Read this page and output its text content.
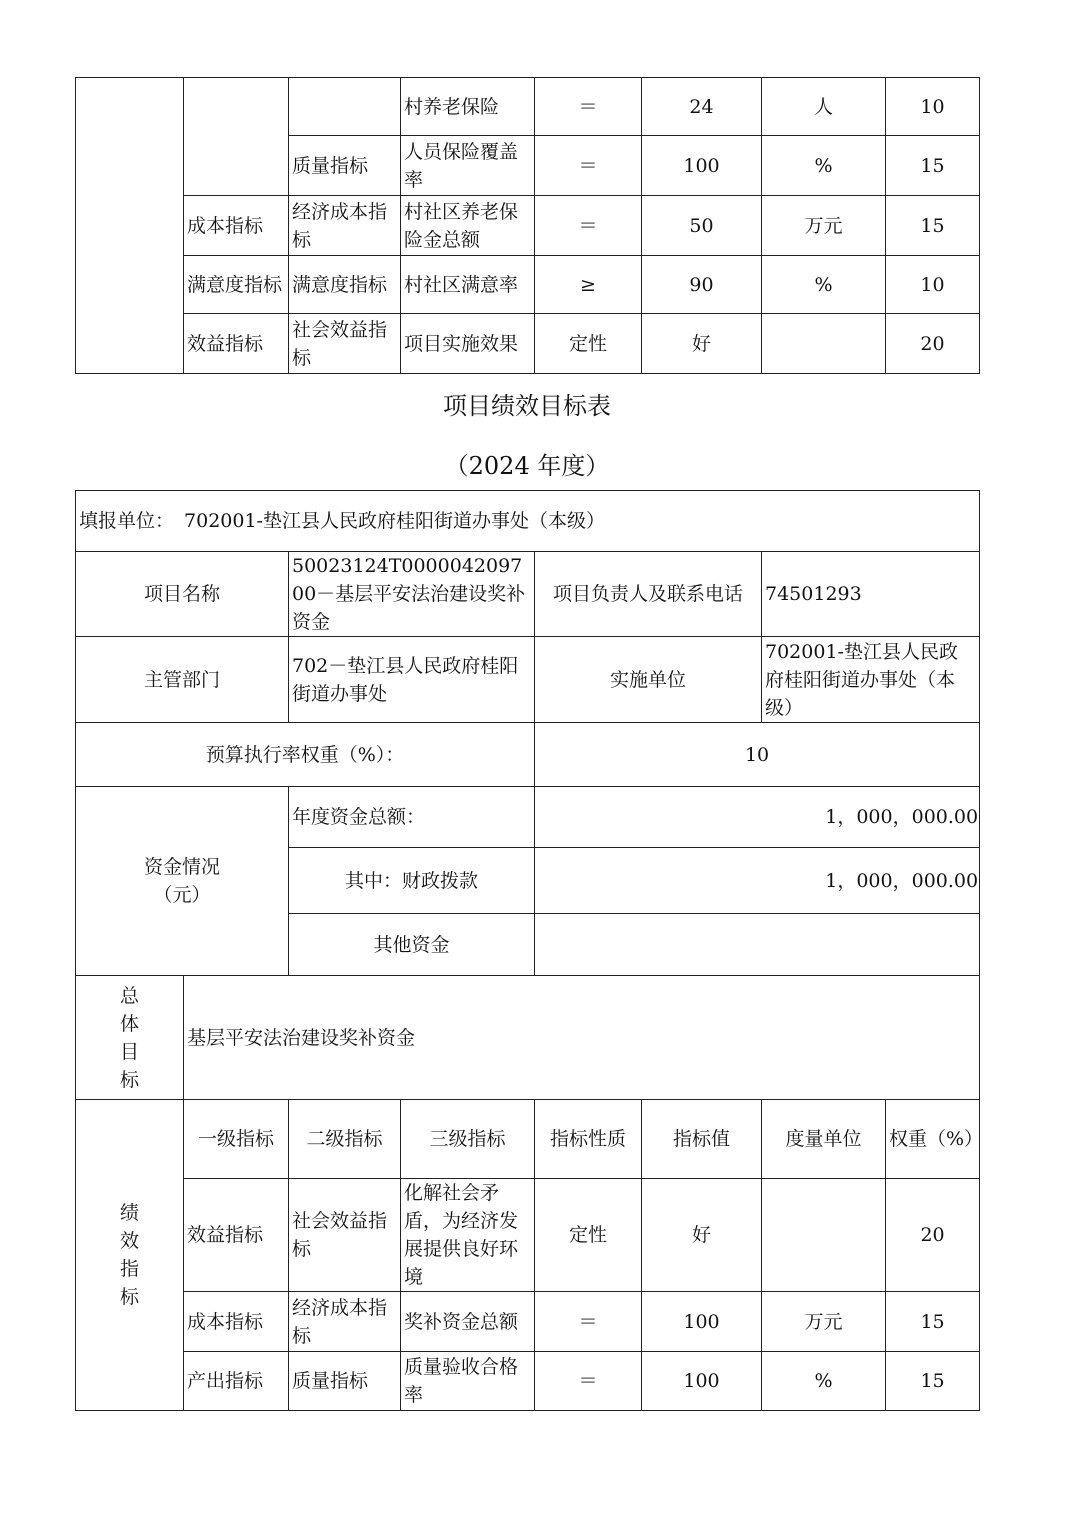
			村养老保险	＝	24	人	10
		质量指标	人员保险覆盖率	＝	100	%	15
	成本指标	经济成本指标	村社区养老保险金总额	＝	50	万元	15
	满意度指标	满意度指标	村社区满意率	≥	90	%	10
	效益指标	社会效益指标	项目实施效果	定性	好		20
项目绩效目标表
（2024 年度）
填报单位： 702001-垫江县人民政府桂阳街道办事处（本级）							
项目名称		50023124T000004209700－基层平安法治建设奖补资金		项目负责人及联系电话		74501293	
主管部门		702－垫江县人民政府桂阳街道办事处		实施单位		702001-垫江县人民政府桂阳街道办事处（本级）	
预算执行率权重（%）：				10			

资金情况（元）		年度资金总额：		1，000，000.00			
		其中：财政拨款		1，000，000.00			
		其他资金					

总体目标	基层平安法治建设奖补资金						

绩效指标	一级指标	二级指标	三级指标	指标性质	指标值	度量单位	权重（%）
	效益指标	社会效益指标	化解社会矛盾，为经济发展提供良好环境	定性	好		20
	成本指标	经济成本指标	奖补资金总额	＝	100	万元	15
	产出指标	质量指标	质量验收合格率	＝	100	%	15
